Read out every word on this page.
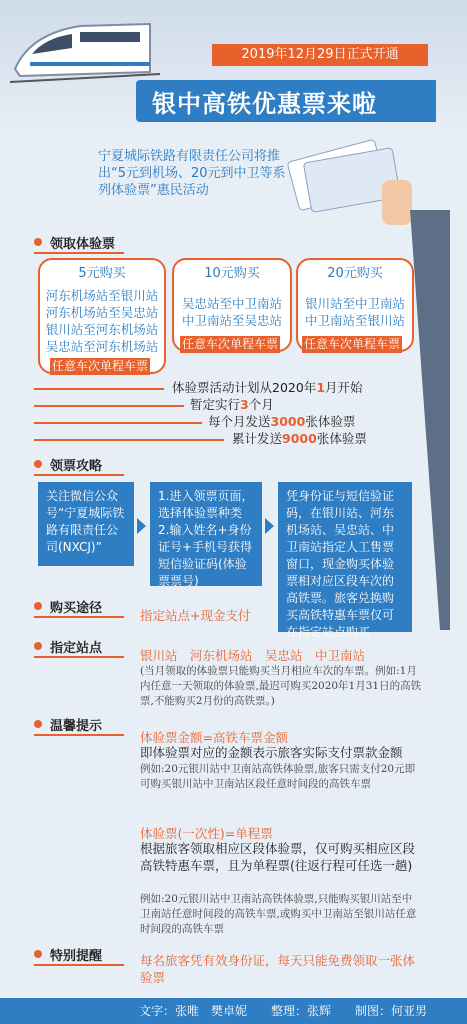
2019年12月29日正式开通
银中高铁优惠票来啦
宁夏城际铁路有限责任公司将推出“5元到机场、20元到中卫等系列体验票”惠民活动
领取体验票
5元购买
河东机场站至银川站
河东机场站至吴忠站
银川站至河东机场站
吴忠站至河东机场站
任意车次单程车票
10元购买
吴忠站至中卫南站
中卫南站至吴忠站
任意车次单程车票
20元购买
银川站至中卫南站
中卫南站至银川站
任意车次单程车票
体验票活动计划从2020年1月开始
暂定实行3个月
每个月发送3000张体验票
累计发送9000张体验票
领票攻略
关注微信公众号“宁夏城际铁路有限责任公司(NXCJ)”
1.进入领票页面，选择体验票种类 2.输入姓名+身份证号+手机号获得短信验证码(体验票票号)
凭身份证与短信验证码，在银川站、河东机场站、吴忠站、中卫南站指定人工售票窗口，现金购买体验票相对应区段车次的高铁票。旅客兑换购买高铁特惠车票仅可在指定站点购买
购买途径	指定站点+现金支付
指定站点	银川站　河东机场站　吴忠站　中卫南站
(当月领取的体验票只能购买当月相应车次的车票。例如:1月内任意一天领取的体验票,最迟可购买2020年1月31日的高铁票,不能购买2月份的高铁票。)
温馨提示
体验票金额=高铁车票金额
即体验票对应的金额表示旅客实际支付票款金额
例如:20元银川站中卫南站高铁体验票,旅客只需支付20元即可购买银川站中卫南站区段任意时间段的高铁车票
体验票(一次性)=单程票
根据旅客领取相应区段体验票，仅可购买相应区段高铁特惠车票，且为单程票(往返行程可任选一趟)
例如:20元银川站中卫南站高铁体验票,只能购买银川站至中卫南站任意时间段的高铁车票,或购买中卫南站至银川站任意时间段的高铁车票
特别提醒	每名旅客凭有效身份证，每天只能免费领取一张体验票
文字：张唯　樊卓妮　　整理：张辉　　制图：何亚男
